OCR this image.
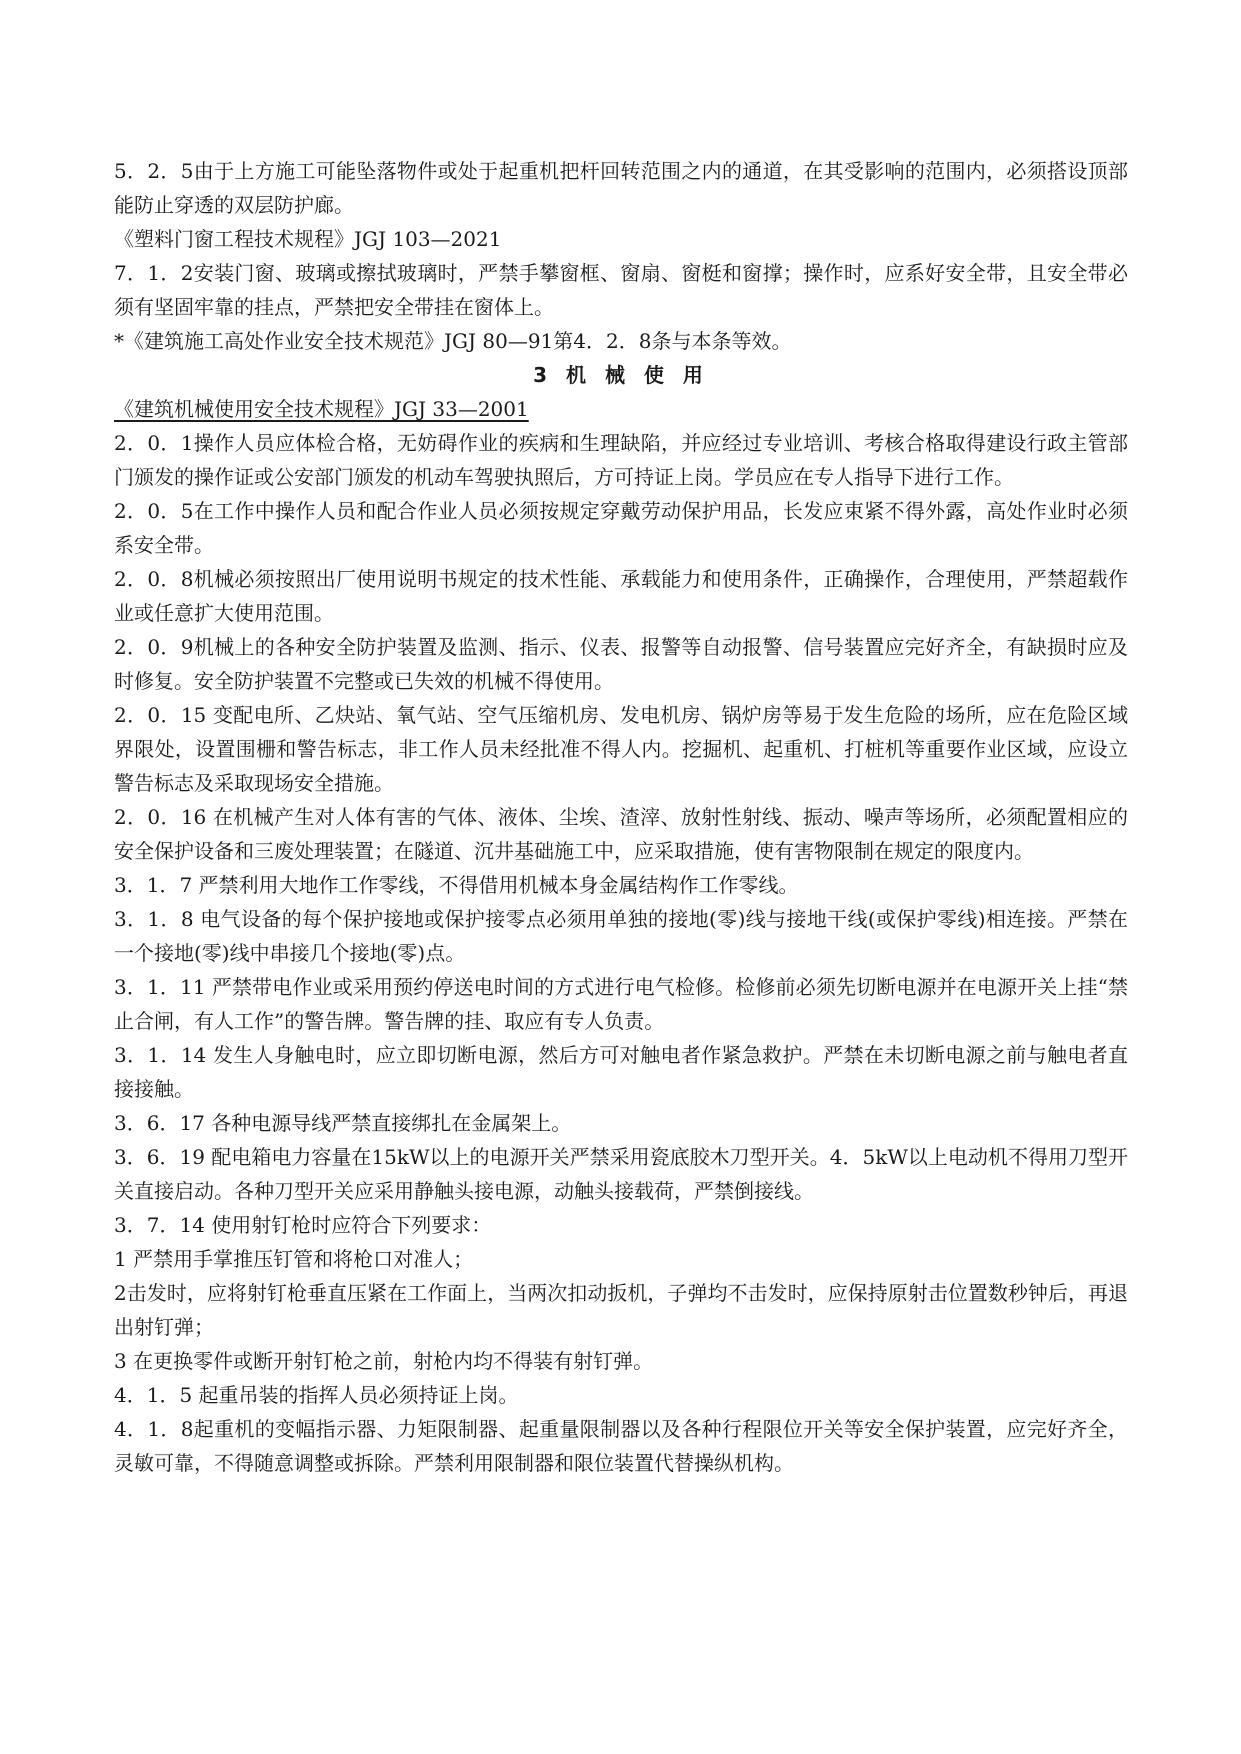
5．2．5由于上方施工可能坠落物件或处于起重机把杆回转范围之内的通道，在其受影响的范围内，必须搭设顶部能防止穿透的双层防护廊。

《塑料门窗工程技术规程》JGJ 103—2021

7．1．2安装门窗、玻璃或擦拭玻璃时，严禁手攀窗框、窗扇、窗梃和窗撑；操作时，应系好安全带，且安全带必须有坚固牢靠的挂点，严禁把安全带挂在窗体上。

*《建筑施工高处作业安全技术规范》JGJ 80—91第4．2．8条与本条等效。

3 机 械 使 用

《建筑机械使用安全技术规程》JGJ 33—2001

2．0．1操作人员应体检合格，无妨碍作业的疾病和生理缺陷，并应经过专业培训、考核合格取得建设行政主管部门颁发的操作证或公安部门颁发的机动车驾驶执照后，方可持证上岗。学员应在专人指导下进行工作。

2．0．5在工作中操作人员和配合作业人员必须按规定穿戴劳动保护用品，长发应束紧不得外露，高处作业时必须系安全带。

2．0．8机械必须按照出厂使用说明书规定的技术性能、承载能力和使用条件，正确操作，合理使用，严禁超载作业或任意扩大使用范围。

2．0．9机械上的各种安全防护装置及监测、指示、仪表、报警等自动报警、信号装置应完好齐全，有缺损时应及时修复。安全防护装置不完整或已失效的机械不得使用。

2．0．15 变配电所、乙炔站、氧气站、空气压缩机房、发电机房、锅炉房等易于发生危险的场所，应在危险区域界限处，设置围栅和警告标志，非工作人员未经批准不得人内。挖掘机、起重机、打桩机等重要作业区域，应设立警告标志及采取现场安全措施。

2．0．16 在机械产生对人体有害的气体、液体、尘埃、渣滓、放射性射线、振动、噪声等场所，必须配置相应的安全保护设备和三废处理装置；在隧道、沉井基础施工中，应采取措施，使有害物限制在规定的限度内。

3．1．7 严禁利用大地作工作零线，不得借用机械本身金属结构作工作零线。

3．1．8 电气设备的每个保护接地或保护接零点必须用单独的接地(零)线与接地干线(或保护零线)相连接。严禁在一个接地(零)线中串接几个接地(零)点。

3．1．11 严禁带电作业或采用预约停送电时间的方式进行电气检修。检修前必须先切断电源并在电源开关上挂“禁止合闸，有人工作”的警告牌。警告牌的挂、取应有专人负责。

3．1．14 发生人身触电时，应立即切断电源，然后方可对触电者作紧急救护。严禁在未切断电源之前与触电者直接接触。

3．6．17 各种电源导线严禁直接绑扎在金属架上。

3．6．19 配电箱电力容量在15kW以上的电源开关严禁采用瓷底胶木刀型开关。4．5kW以上电动机不得用刀型开关直接启动。各种刀型开关应采用静触头接电源，动触头接载荷，严禁倒接线。

3．7．14 使用射钉枪时应符合下列要求：

1 严禁用手掌推压钉管和将枪口对准人；

2击发时，应将射钉枪垂直压紧在工作面上，当两次扣动扳机，子弹均不击发时，应保持原射击位置数秒钟后，再退出射钉弹；

3 在更换零件或断开射钉枪之前，射枪内均不得装有射钉弹。

4．1．5 起重吊装的指挥人员必须持证上岗。

4．1．8起重机的变幅指示器、力矩限制器、起重量限制器以及各种行程限位开关等安全保护装置，应完好齐全，灵敏可靠，不得随意调整或拆除。严禁利用限制器和限位装置代替操纵机构。
